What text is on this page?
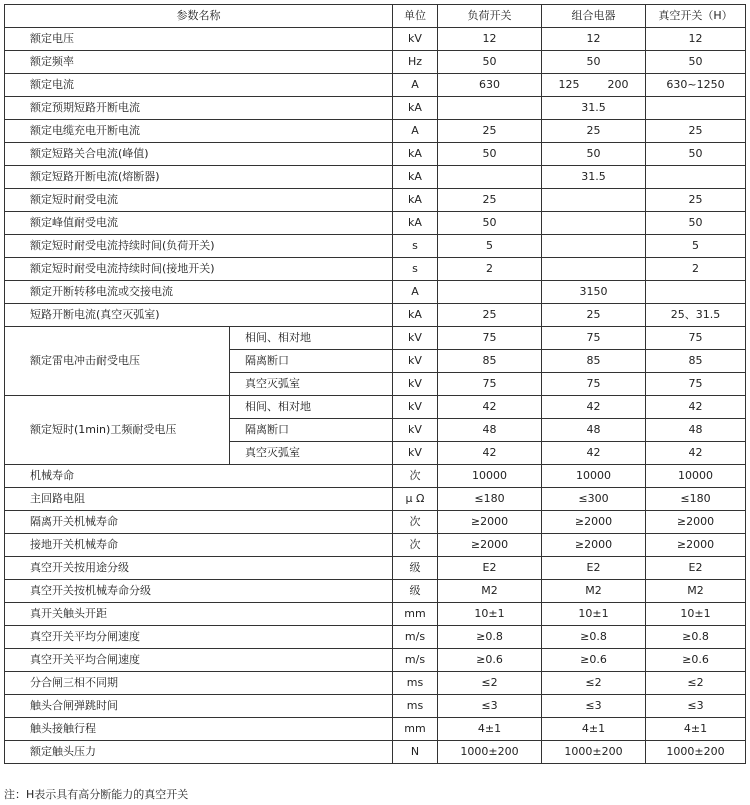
参数名称		单位	负荷开关	组合电器	真空开关（H）
额定电压		kV	12	12	12
额定频率		Hz	50	50	50
额定电流		A	630	125 200	630~1250
额定预期短路开断电流		kA		31.5	
额定电缆充电开断电流		A	25	25	25
额定短路关合电流(峰值)		kA	50	50	50
额定短路开断电流(熔断器)		kA		31.5	
额定短时耐受电流		kA	25		25
额定峰值耐受电流		kA	50		50
额定短时耐受电流持续时间(负荷开关)		s	5		5
额定短时耐受电流持续时间(接地开关)		s	2		2
额定开断转移电流或交接电流		A		3150	
短路开断电流(真空灭弧室)		kA	25	25	25、31.5
额定雷电冲击耐受电压	相间、相对地	kV	75	75	75
	隔离断口	kV	85	85	85
	真空灭弧室	kV	75	75	75
额定短时(1min)工频耐受电压	相间、相对地	kV	42	42	42
	隔离断口	kV	48	48	48
	真空灭弧室	kV	42	42	42
机械寿命		次	10000	10000	10000
主回路电阻		μ Ω	≤180	≤300	≤180
隔离开关机械寿命		次	≥2000	≥2000	≥2000
接地开关机械寿命		次	≥2000	≥2000	≥2000
真空开关按用途分级		级	E2	E2	E2
真空开关按机械寿命分级		级	M2	M2	M2
真开关触头开距		mm	10±1	10±1	10±1
真空开关平均分闸速度		m/s	≥0.8	≥0.8	≥0.8
真空开关平均合闸速度		m/s	≥0.6	≥0.6	≥0.6
分合闸三相不同期		ms	≤2	≤2	≤2
触头合闸弹跳时间		ms	≤3	≤3	≤3
触头接触行程		mm	4±1	4±1	4±1
额定触头压力		N	1000±200	1000±200	1000±200
注：H表示具有高分断能力的真空开关
